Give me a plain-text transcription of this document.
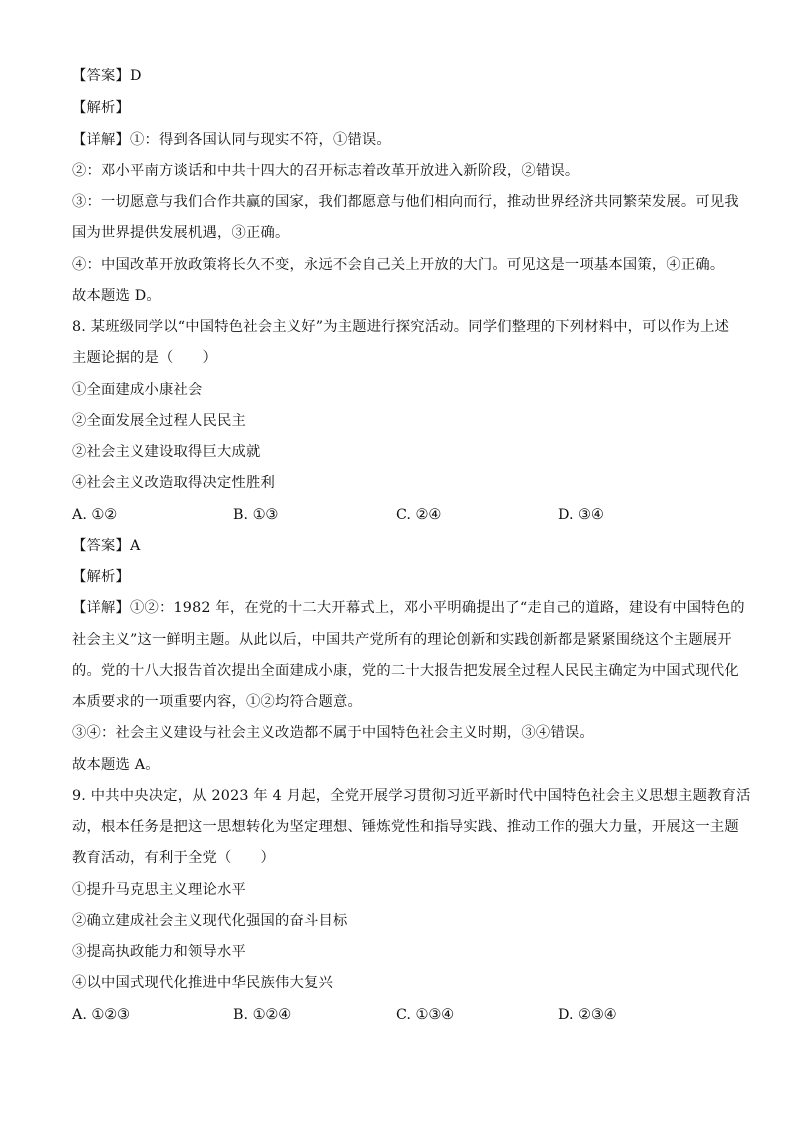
【答案】D
【解析】
【详解】①：得到各国认同与现实不符，①错误。
②：邓小平南方谈话和中共十四大的召开标志着改革开放进入新阶段，②错误。
③：一切愿意与我们合作共赢的国家，我们都愿意与他们相向而行，推动世界经济共同繁荣发展。可见我
国为世界提供发展机遇，③正确。
④：中国改革开放政策将长久不变，永远不会自己关上开放的大门。可见这是一项基本国策，④正确。
故本题选 D。
8. 某班级同学以“中国特色社会主义好”为主题进行探究活动。同学们整理的下列材料中，可以作为上述
主题论据的是（　　）
①全面建成小康社会
②全面发展全过程人民民主
②社会主义建设取得巨大成就
④社会主义改造取得决定性胜利
A. ①②	B. ①③	C. ②④	D. ③④
【答案】A
【解析】
【详解】①②：1982 年，在党的十二大开幕式上，邓小平明确提出了“走自己的道路，建设有中国特色的
社会主义”这一鲜明主题。从此以后，中国共产党所有的理论创新和实践创新都是紧紧围绕这个主题展开
的。党的十八大报告首次提出全面建成小康，党的二十大报告把发展全过程人民民主确定为中国式现代化
本质要求的一项重要内容，①②均符合题意。
③④：社会主义建设与社会主义改造都不属于中国特色社会主义时期，③④错误。
故本题选 A。
9. 中共中央决定，从 2023 年 4 月起，全党开展学习贯彻习近平新时代中国特色社会主义思想主题教育活
动，根本任务是把这一思想转化为坚定理想、锤炼党性和指导实践、推动工作的强大力量，开展这一主题
教育活动，有利于全党（　　）
①提升马克思主义理论水平
②确立建成社会主义现代化强国的奋斗目标
③提高执政能力和领导水平
④以中国式现代化推进中华民族伟大复兴
A. ①②③	B. ①②④	C. ①③④	D. ②③④
